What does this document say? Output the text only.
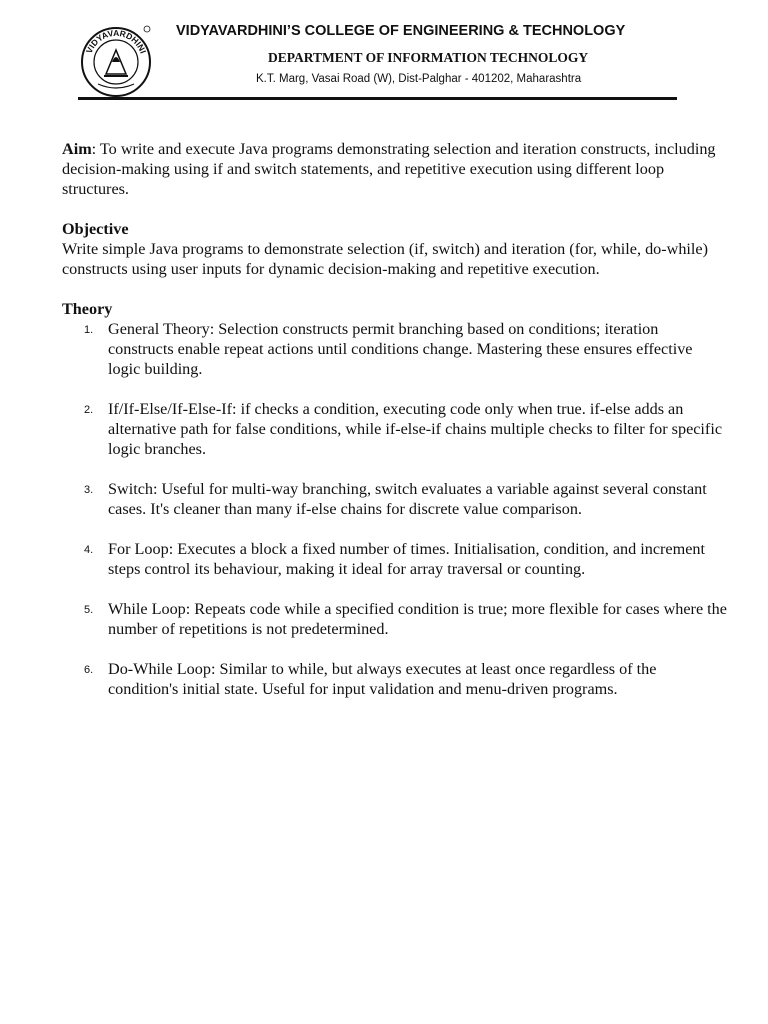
VIDYAVARDHINI
VIDYAVARDHINI’S COLLEGE OF ENGINEERING & TECHNOLOGY
DEPARTMENT OF INFORMATION TECHNOLOGY
K.T. Marg, Vasai Road (W), Dist-Palghar - 401202, Maharashtra

Aim: To write and execute Java programs demonstrating selection and iteration constructs, including decision-making using if and switch statements, and repetitive execution using different loop structures.

Objective

Write simple Java programs to demonstrate selection (if, switch) and iteration (for, while, do-while) constructs using user inputs for dynamic decision-making and repetitive execution.

Theory

1. General Theory: Selection constructs permit branching based on conditions; iteration constructs enable repeat actions until conditions change. Mastering these ensures effective logic building.
2. If/If-Else/If-Else-If: if checks a condition, executing code only when true. if-else adds an alternative path for false conditions, while if-else-if chains multiple checks to filter for specific logic branches.
3. Switch: Useful for multi-way branching, switch evaluates a variable against several constant cases. It's cleaner than many if-else chains for discrete value comparison.
4. For Loop: Executes a block a fixed number of times. Initialisation, condition, and increment steps control its behaviour, making it ideal for array traversal or counting.
5. While Loop: Repeats code while a specified condition is true; more flexible for cases where the number of repetitions is not predetermined.
6. Do-While Loop: Similar to while, but always executes at least once regardless of the condition's initial state. Useful for input validation and menu-driven programs.
